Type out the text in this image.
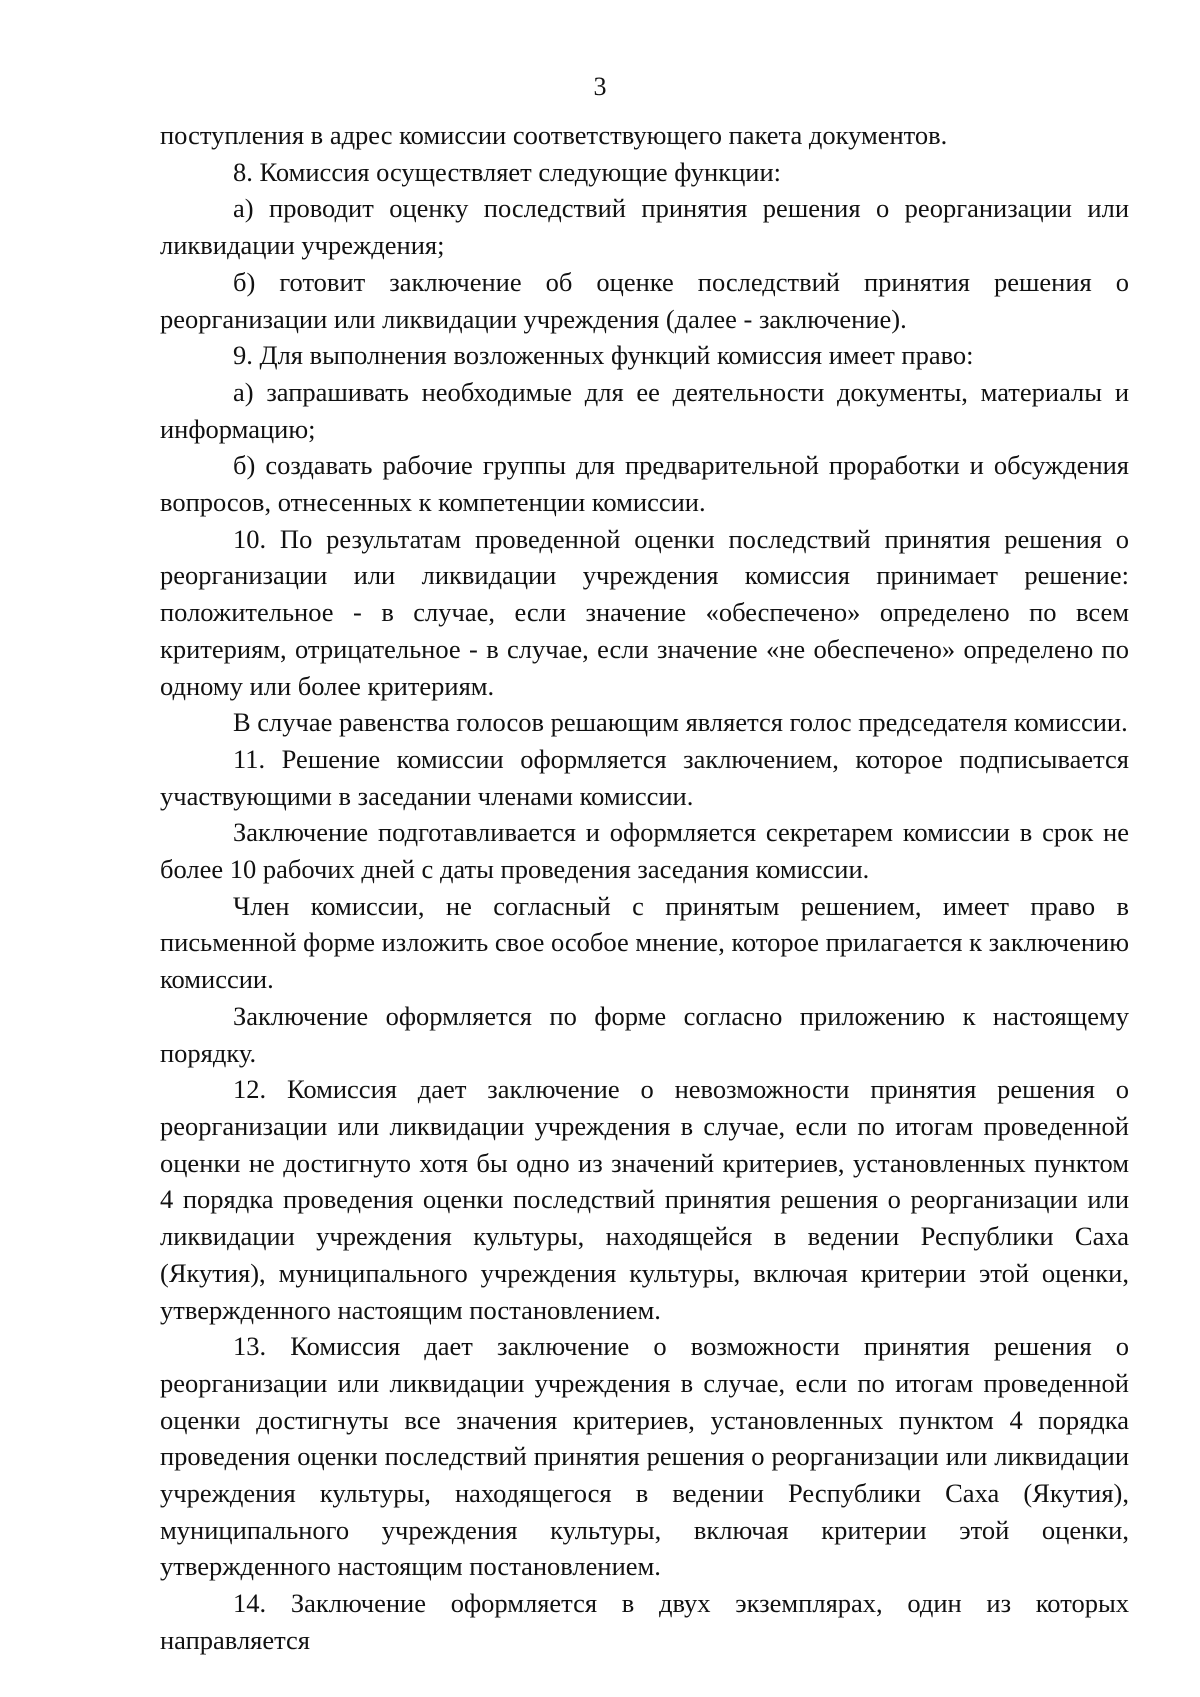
3

поступления в адрес комиссии соответствующего пакета документов.

8. Комиссия осуществляет следующие функции:

а) проводит оценку последствий принятия решения о реорганизации или ликвидации учреждения;

б) готовит заключение об оценке последствий принятия решения о реорганизации или ликвидации учреждения (далее - заключение).

9. Для выполнения возложенных функций комиссия имеет право:

а) запрашивать необходимые для ее деятельности документы, материалы и информацию;

б) создавать рабочие группы для предварительной проработки и обсуждения вопросов, отнесенных к компетенции комиссии.

10. По результатам проведенной оценки последствий принятия решения о реорганизации или ликвидации учреждения комиссия принимает решение: положительное - в случае, если значение «обеспечено» определено по всем критериям, отрицательное - в случае, если значение «не обеспечено» определено по одному или более критериям.

В случае равенства голосов решающим является голос председателя комиссии.

11. Решение комиссии оформляется заключением, которое подписывается участвующими в заседании членами комиссии.

Заключение подготавливается и оформляется секретарем комиссии в срок не более 10 рабочих дней с даты проведения заседания комиссии.

Член комиссии, не согласный с принятым решением, имеет право в письменной форме изложить свое особое мнение, которое прилагается к заключению комиссии.

Заключение оформляется по форме согласно приложению к настоящему порядку.

12. Комиссия дает заключение о невозможности принятия решения о реорганизации или ликвидации учреждения в случае, если по итогам проведенной оценки не достигнуто хотя бы одно из значений критериев, установленных пунктом 4 порядка проведения оценки последствий принятия решения о реорганизации или ликвидации учреждения культуры, находящейся в ведении Республики Саха (Якутия), муниципального учреждения культуры, включая критерии этой оценки, утвержденного настоящим постановлением.

13. Комиссия дает заключение о возможности принятия решения о реорганизации или ликвидации учреждения в случае, если по итогам проведенной оценки достигнуты все значения критериев, установленных пунктом 4 порядка проведения оценки последствий принятия решения о реорганизации или ликвидации учреждения культуры, находящегося в ведении Республики Саха (Якутия), муниципального учреждения культуры, включая критерии этой оценки, утвержденного настоящим постановлением.

14. Заключение оформляется в двух экземплярах, один из которых направляется
